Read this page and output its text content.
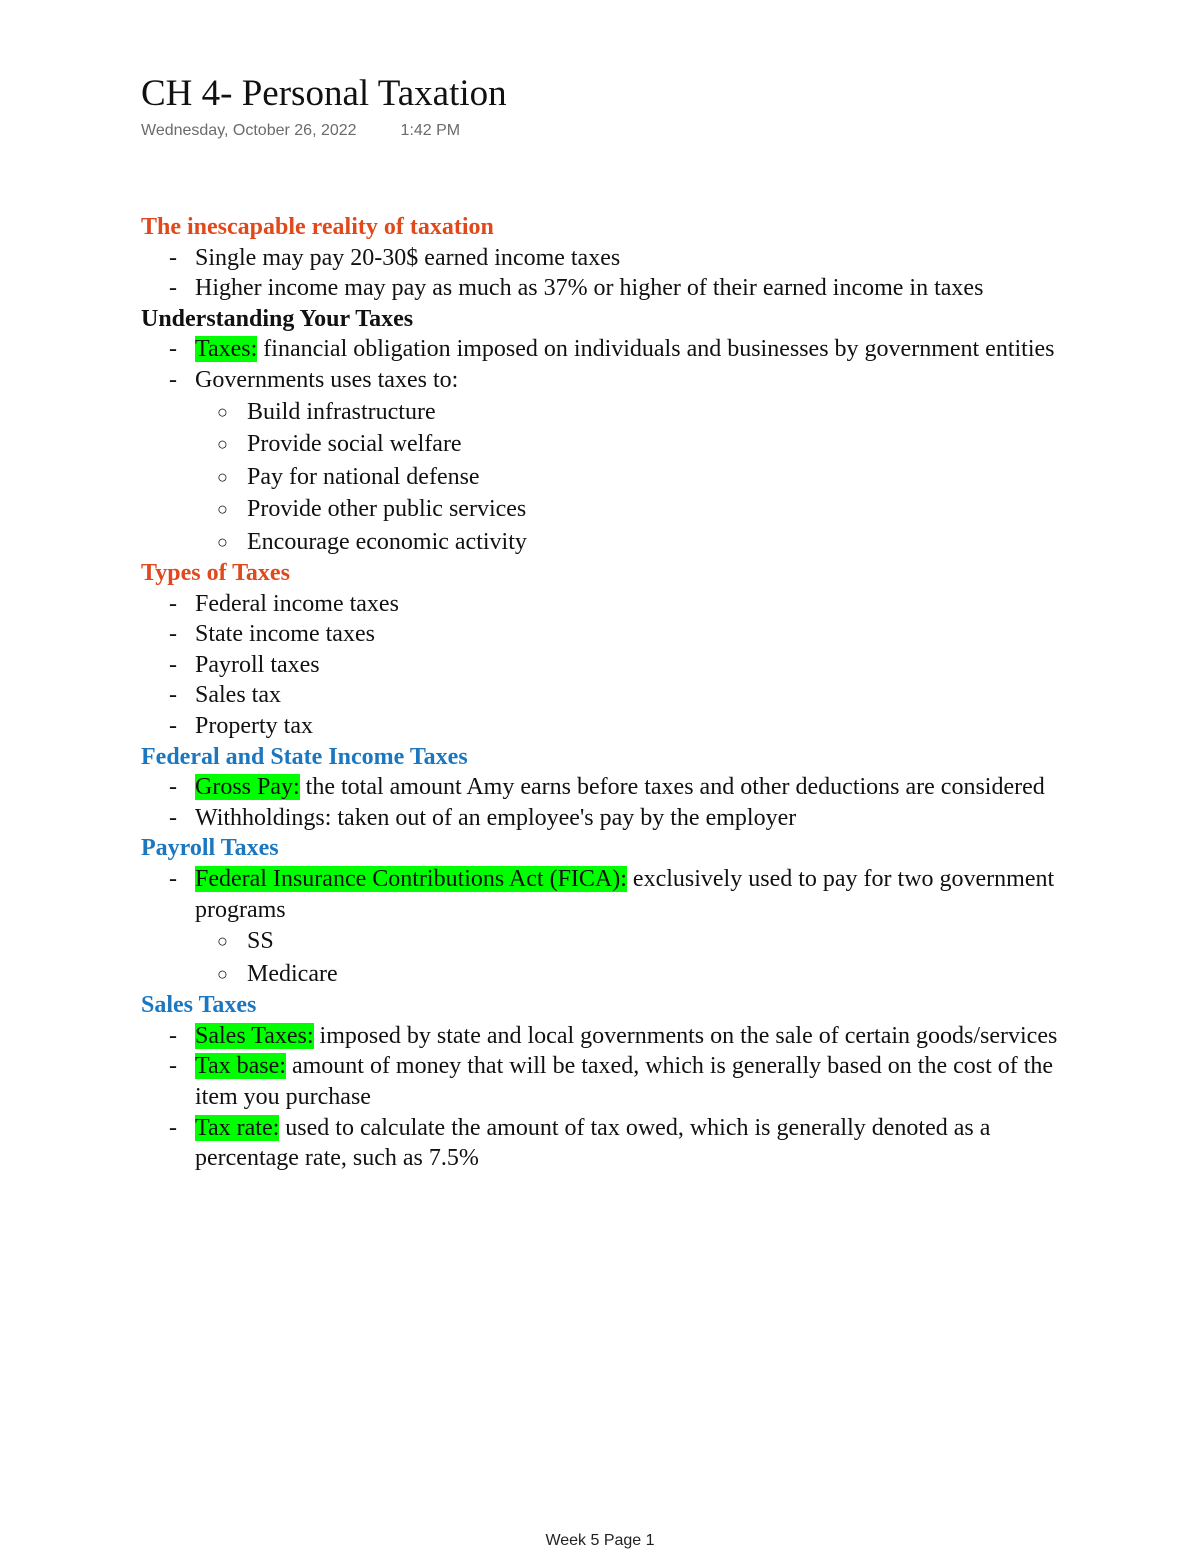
CH 4- Personal Taxation
Wednesday, October 26, 2022	1:42 PM
The inescapable reality of taxation
- Single may pay 20-30$ earned income taxes
- Higher income may pay as much as 37% or higher of their earned income in taxes
Understanding Your Taxes
- Taxes: financial obligation imposed on individuals and businesses by government entities
- Governments uses taxes to:
○ Build infrastructure
○ Provide social welfare
○ Pay for national defense
○ Provide other public services
○ Encourage economic activity
Types of Taxes
- Federal income taxes
- State income taxes
- Payroll taxes
- Sales tax
- Property tax
Federal and State Income Taxes
- Gross Pay: the total amount Amy earns before taxes and other deductions are considered
- Withholdings: taken out of an employee's pay by the employer
Payroll Taxes
- Federal Insurance Contributions Act (FICA): exclusively used to pay for two government programs
○ SS
○ Medicare
Sales Taxes
- Sales Taxes: imposed by state and local governments on the sale of certain goods/services
- Tax base: amount of money that will be taxed, which is generally based on the cost of the item you purchase
- Tax rate: used to calculate the amount of tax owed, which is generally denoted as a percentage rate, such as 7.5%
Week 5 Page 1
